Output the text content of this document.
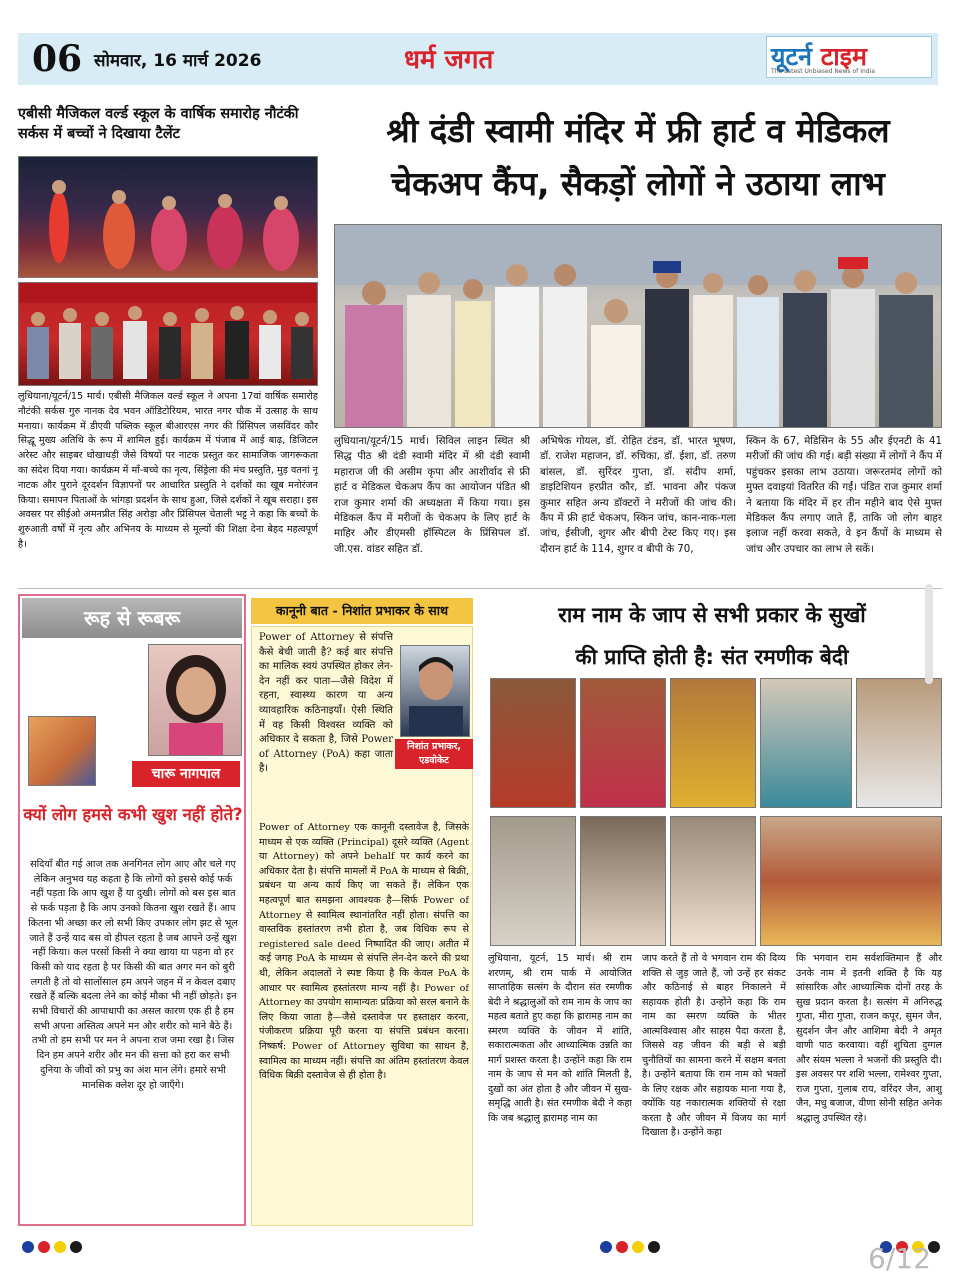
06 सोमवार, 16 मार्च 2026	धर्म जगत	यूटर्न टाइम
The Latest Unbiased News of India
एबीसी मैजिकल वर्ल्ड स्कूल के वार्षिक समारोह नौटंकी सर्कस में बच्चों ने दिखाया टैलेंट
लुधियाना/यूटर्न/15 मार्च। एबीसी मैजिकल वर्ल्ड स्कूल ने अपना 17वां वार्षिक समारोह नौटंकी सर्कस गुरु नानक देव भवन ऑडिटोरियम, भारत नगर चौक में उत्साह के साथ मनाया। कार्यक्रम में डीएवी पब्लिक स्कूल बीआरएस नगर की प्रिंसिपल जसविंदर कौर सिद्धू मुख्य अतिथि के रूप में शामिल हुईं। कार्यक्रम में पंजाब में आई बाढ़, डिजिटल अरेस्ट और साइबर धोखाधड़ी जैसे विषयों पर नाटक प्रस्तुत कर सामाजिक जागरूकता का संदेश दिया गया। कार्यक्रम में माँ-बच्चे का नृत्य, सिंड्रेला की मंच प्रस्तुति, मुड़ वतनां नू नाटक और पुराने दूरदर्शन विज्ञापनों पर आधारित प्रस्तुति ने दर्शकों का खूब मनोरंजन किया। समापन पिताओं के भांगड़ा प्रदर्शन के साथ हुआ, जिसे दर्शकों ने खूब सराहा। इस अवसर पर सीईओ अमनप्रीत सिंह अरोड़ा और प्रिंसिपल चेताली भट्ट ने कहा कि बच्चों के शुरुआती वर्षों में नृत्य और अभिनय के माध्यम से मूल्यों की शिक्षा देना बेहद महत्वपूर्ण है।
श्री दंडी स्वामी मंदिर में फ्री हार्ट व मेडिकल
चेकअप कैंप, सैकड़ों लोगों ने उठाया लाभ
लुधियाना/यूटर्न/15 मार्च। सिविल लाइन स्थित श्री सिद्ध पीठ श्री दंडी स्वामी मंदिर में श्री दंडी स्वामी महाराज जी की असीम कृपा और आशीर्वाद से फ्री हार्ट व मेडिकल चेकअप कैंप का आयोजन पंडित श्री राज कुमार शर्मा की अध्यक्षता में किया गया। इस मेडिकल कैंप में मरीजों के चेकअप के लिए हार्ट के माहिर और डीएमसी हॉस्पिटल के प्रिंसिपल डॉ. जी.एस. वांडर सहित डॉ.
अभिषेक गोयल, डॉ. रोहित टंडन, डॉ. भारत भूषण, डॉ. राजेश महाजन, डॉ. रुचिका, डॉ. ईशा, डॉ. तरुण बांसल, डॉ. सुरिंदर गुप्ता, डॉ. संदीप शर्मा, डाइटिशियन हरप्रीत कौर, डॉ. भावना और पंकज कुमार सहित अन्य डॉक्टरों ने मरीजों की जांच की। कैंप में फ्री हार्ट चेकअप, स्किन जांच, कान-नाक-गला जांच, ईसीजी, शुगर और बीपी टेस्ट किए गए। इस दौरान हार्ट के 114, शुगर व बीपी के 70,
स्किन के 67, मेडिसिन के 55 और ईएनटी के 41 मरीजों की जांच की गई। बड़ी संख्या में लोगों ने कैंप में पहुंचकर इसका लाभ उठाया। जरूरतमंद लोगों को मुफ्त दवाइयां वितरित की गईं। पंडित राज कुमार शर्मा ने बताया कि मंदिर में हर तीन महीने बाद ऐसे मुफ्त मेडिकल कैंप लगाए जाते हैं, ताकि जो लोग बाहर इलाज नहीं करवा सकते, वे इन कैंपों के माध्यम से जांच और उपचार का लाभ ले सकें।
रूह से रूबरू
चारू नागपाल
क्यों लोग हमसे कभी खुश नहीं होते?
सदियाँ बीत गई आज तक अनगिनत लोग आए और चले गए लेकिन अनुभव यह कहता है कि लोगों को इससे कोई फर्क नहीं पड़ता कि आप खुश हैं या दुखी। लोगों को बस इस बात से फर्क पड़ता है कि आप उनको कितना खुश रखते हैं। आप कितना भी अच्छा कर लो सभी किए उपकार लोग झट से भूल जाते हैं उन्हें याद बस वो हीपल रहता है जब आपने उन्हें खुश नहीं किया। कल परसों किसी ने क्या खाया या पहना वो हर किसी को याद रहता है पर किसी की बात अगर मन को बुरी लगती है तो वो सालोंसाल हम अपने जहन में न केवल दबाए रखते हैं बल्कि बदला लेने का कोई मौका भी नहीं छोड़ते। इन सभी विचारों की आपाधापी का असल कारण एक ही है हम सभी अपना अस्तित्व अपने मन और शरीर को माने बैठे हैं। तभी तो हम सभी पर मन ने अपना राज जमा रखा है। जिस दिन हम अपने शरीर और मन की सत्ता को हरा कर सभी दुनिया के जीवों को प्रभु का अंश मान लेंगे। हमारे सभी मानसिक क्लेश दूर हो जाएँगे।
कानूनी बात - निशांत प्रभाकर के साथ
निशांत प्रभाकर, एडवोकेट
Power of Attorney से संपत्ति कैसे बेची जाती है? कई बार संपत्ति का मालिक स्वयं उपस्थित होकर लेन-देन नहीं कर पाता—जैसे विदेश में रहना, स्वास्थ्य कारण या अन्य व्यावहारिक कठिनाइयाँ। ऐसी स्थिति में वह किसी विश्वस्त व्यक्ति को अधिकार दे सकता है, जिसे Power of Attorney (PoA) कहा जाता है।
Power of Attorney एक कानूनी दस्तावेज है, जिसके माध्यम से एक व्यक्ति (Principal) दूसरे व्यक्ति (Agent या Attorney) को अपने behalf पर कार्य करने का अधिकार देता है। संपत्ति मामलों में PoA के माध्यम से बिक्री, प्रबंधन या अन्य कार्य किए जा सकते हैं। लेकिन एक महत्वपूर्ण बात समझना आवश्यक है—सिर्फ Power of Attorney से स्वामित्व स्थानांतरित नहीं होता। संपत्ति का वास्तविक हस्तांतरण तभी होता है, जब विधिक रूप से registered sale deed निष्पादित की जाए। अतीत में कई जगह PoA के माध्यम से संपत्ति लेन-देन करने की प्रथा थी, लेकिन अदालतों ने स्पष्ट किया है कि केवल PoA के आधार पर स्वामित्व हस्तांतरण मान्य नहीं है। Power of Attorney का उपयोग सामान्यतः प्रक्रिया को सरल बनाने के लिए किया जाता है—जैसे दस्तावेज पर हस्ताक्षर करना, पंजीकरण प्रक्रिया पूरी करना या संपत्ति प्रबंधन करना। निष्कर्ष: Power of Attorney सुविधा का साधन है, स्वामित्व का माध्यम नहीं। संपत्ति का अंतिम हस्तांतरण केवल विधिक बिक्री दस्तावेज से ही होता है।
राम नाम के जाप से सभी प्रकार के सुखों
की प्राप्ति होती है: संत रमणीक बेदी
लुधियाना, यूटर्न, 15 मार्च। श्री राम शरणम्, श्री राम पार्क में आयोजित साप्ताहिक सत्संग के दौरान संत रमणीक बेदी ने श्रद्धालुओं को राम नाम के जाप का महत्व बताते हुए कहा कि ह्रारामह नाम का स्मरण व्यक्ति के जीवन में शांति, सकारात्मकता और आध्यात्मिक उन्नति का मार्ग प्रशस्त करता है। उन्होंने कहा कि राम नाम के जाप से मन को शांति मिलती है, दुखों का अंत होता है और जीवन में सुख-समृद्धि आती है। संत रमणीक बेदी ने कहा कि जब श्रद्धालु ह्रारामह नाम का
जाप करते हैं तो वे भगवान राम की दिव्य शक्ति से जुड़ जाते हैं, जो उन्हें हर संकट और कठिनाई से बाहर निकालने में सहायक होती है। उन्होंने कहा कि राम नाम का स्मरण व्यक्ति के भीतर आत्मविश्वास और साहस पैदा करता है, जिससे वह जीवन की बड़ी से बड़ी चुनौतियों का सामना करने में सक्षम बनता है। उन्होंने बताया कि राम नाम को भक्तों के लिए रक्षक और सहायक माना गया है, क्योंकि यह नकारात्मक शक्तियों से रक्षा करता है और जीवन में विजय का मार्ग दिखाता है। उन्होंने कहा
कि भगवान राम सर्वशक्तिमान हैं और उनके नाम में इतनी शक्ति है कि यह सांसारिक और आध्यात्मिक दोनों तरह के सुख प्रदान करता है। सत्संग में अनिरुद्ध गुप्ता, मीरा गुप्ता, राजन कपूर, सुमन जैन, सुदर्शन जैन और आशिमा बेदी ने अमृत वाणी पाठ करवाया। वहीं शुचिता दुग्गल और संयम भल्ला ने भजनों की प्रस्तुति दी। इस अवसर पर शशि भल्ला, रामेश्वर गुप्ता, राज गुप्ता, गुलाब राय, वरिंदर जैन, आशु जैन, मधु बजाज, वीणा सोनी सहित अनेक श्रद्धालु उपस्थित रहे।
6/12
